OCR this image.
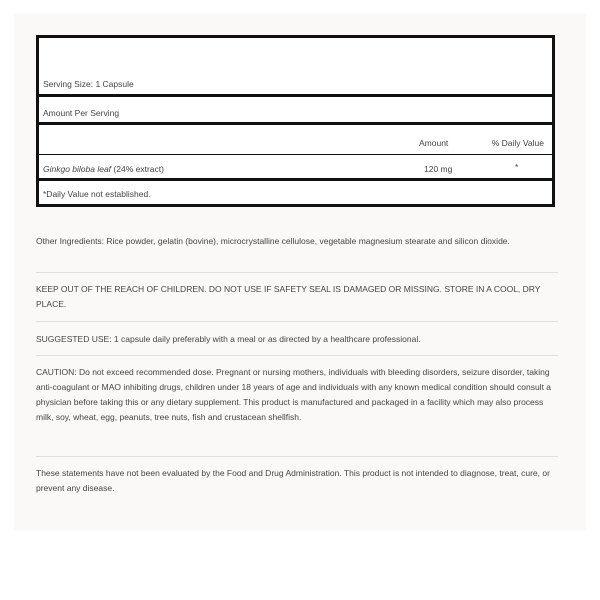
Serving Size: 1 Capsule
Amount Per Serving
Amount	% Daily Value
Ginkgo biloba leaf (24% extract)	120 mg	*
*Daily Value not established.
Other Ingredients: Rice powder, gelatin (bovine), microcrystalline cellulose, vegetable magnesium stearate and silicon dioxide.
KEEP OUT OF THE REACH OF CHILDREN. DO NOT USE IF SAFETY SEAL IS DAMAGED OR MISSING. STORE IN A COOL, DRY PLACE.
SUGGESTED USE: 1 capsule daily preferably with a meal or as directed by a healthcare professional.
CAUTION: Do not exceed recommended dose. Pregnant or nursing mothers, individuals with bleeding disorders, seizure disorder, taking anti-coagulant or MAO inhibiting drugs, children under 18 years of age and individuals with any known medical condition should consult a physician before taking this or any dietary supplement. This product is manufactured and packaged in a facility which may also process milk, soy, wheat, egg, peanuts, tree nuts, fish and crustacean shellfish.
These statements have not been evaluated by the Food and Drug Administration. This product is not intended to diagnose, treat, cure, or prevent any disease.
